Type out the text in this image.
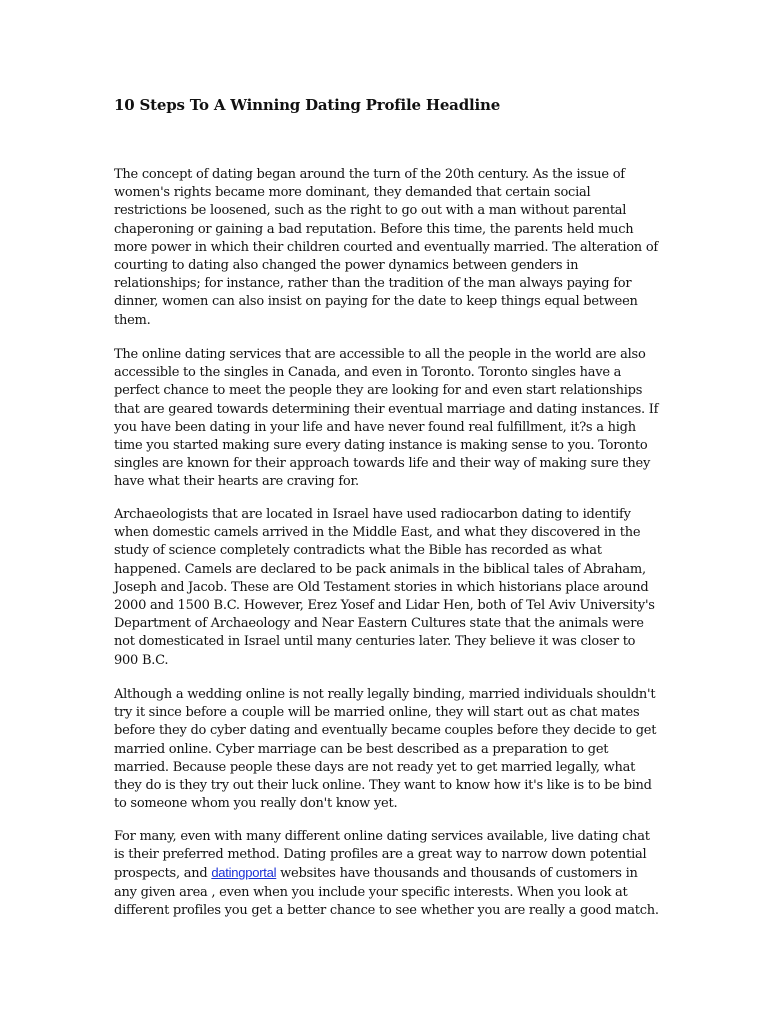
10 Steps To A Winning Dating Profile Headline

The concept of dating began around the turn of the 20th century. As the issue of women's rights became more dominant, they demanded that certain social restrictions be loosened, such as the right to go out with a man without parental chaperoning or gaining a bad reputation. Before this time, the parents held much more power in which their children courted and eventually married. The alteration of courting to dating also changed the power dynamics between genders in relationships; for instance, rather than the tradition of the man always paying for dinner, women can also insist on paying for the date to keep things equal between them.

The online dating services that are accessible to all the people in the world are also accessible to the singles in Canada, and even in Toronto. Toronto singles have a perfect chance to meet the people they are looking for and even start relationships that are geared towards determining their eventual marriage and dating instances. If you have been dating in your life and have never found real fulfillment, it?s a high time you started making sure every dating instance is making sense to you. Toronto singles are known for their approach towards life and their way of making sure they have what their hearts are craving for.

Archaeologists that are located in Israel have used radiocarbon dating to identify when domestic camels arrived in the Middle East, and what they discovered in the study of science completely contradicts what the Bible has recorded as what happened. Camels are declared to be pack animals in the biblical tales of Abraham, Joseph and Jacob. These are Old Testament stories in which historians place around 2000 and 1500 B.C. However, Erez Yosef and Lidar Hen, both of Tel Aviv University's Department of Archaeology and Near Eastern Cultures state that the animals were not domesticated in Israel until many centuries later. They believe it was closer to 900 B.C.

Although a wedding online is not really legally binding, married individuals shouldn't try it since before a couple will be married online, they will start out as chat mates before they do cyber dating and eventually became couples before they decide to get married online. Cyber marriage can be best described as a preparation to get married. Because people these days are not ready yet to get married legally, what they do is they try out their luck online. They want to know how it's like is to be bind to someone whom you really don't know yet.

For many, even with many different online dating services available, live dating chat is their preferred method. Dating profiles are a great way to narrow down potential prospects, and datingportal websites have thousands and thousands of customers in any given area , even when you include your specific interests. When you look at different profiles you get a better chance to see whether you are really a good match.
